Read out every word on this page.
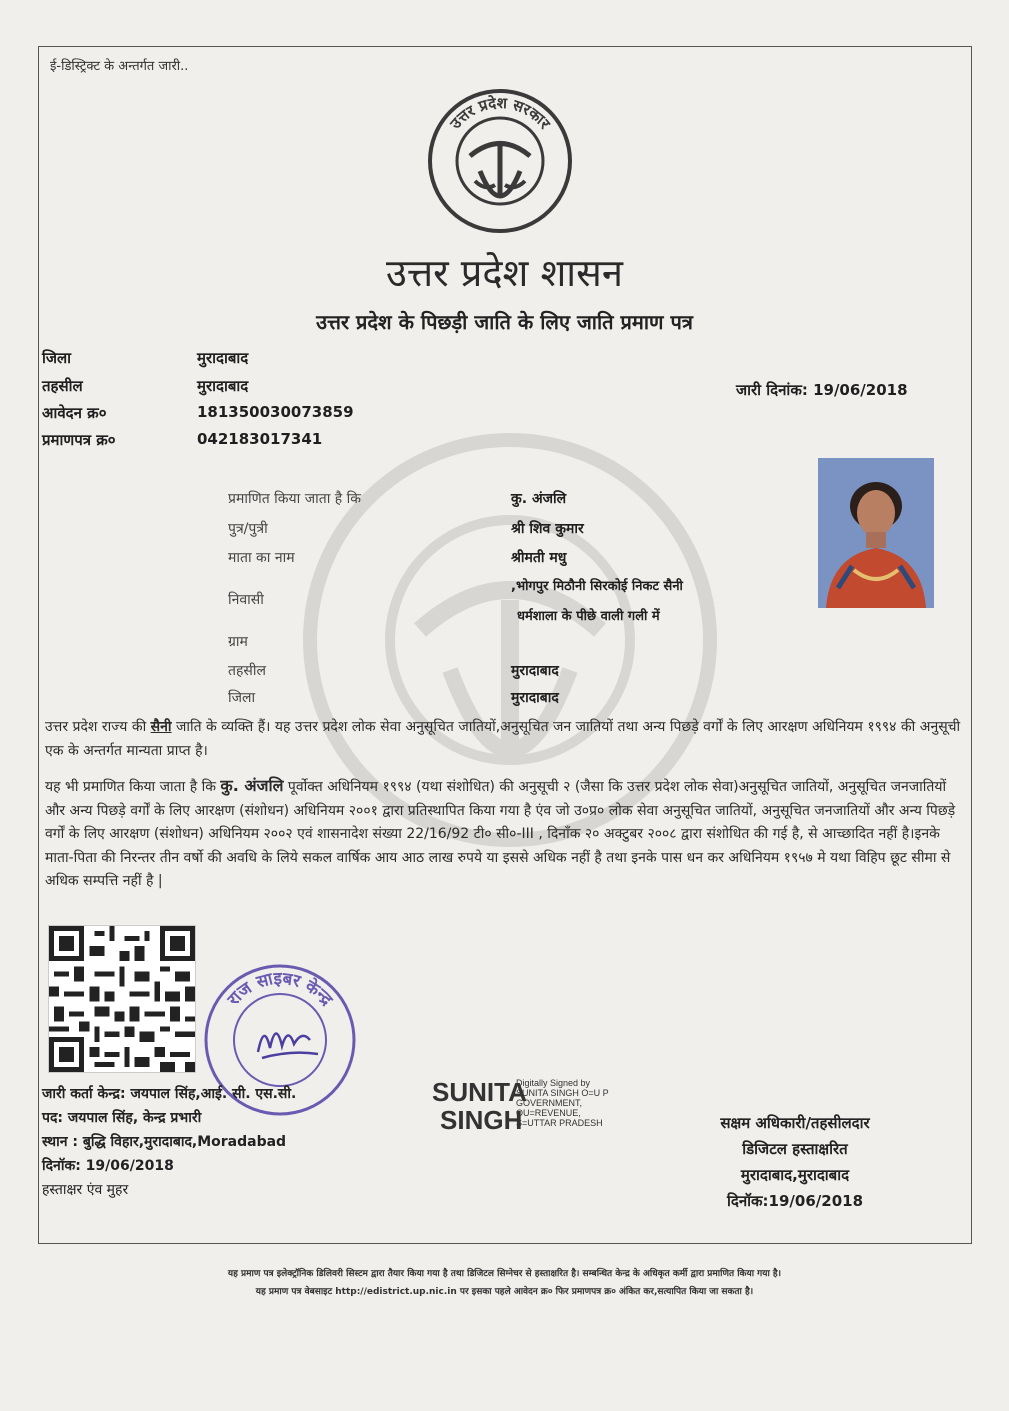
ई-डिस्ट्रिक्ट के अन्तर्गत जारी..
उत्तर प्रदेश सरकार
उत्तर प्रदेश शासन
उत्तर प्रदेश के पिछड़ी जाति के लिए जाति प्रमाण पत्र
जिला	मुरादाबाद
तहसील	मुरादाबाद
आवेदन क्र०	181350030073859
प्रमाणपत्र क्र०	042183017341
जारी दिनांक: 19/06/2018
प्रमाणित किया जाता है कि	कु. अंजलि
पुत्र/पुत्री	श्री शिव कुमार
माता का नाम	श्रीमती मधु
निवासी
,भोगपुर मिठौनी सिरकोई निकट सैनी
धर्मशाला के पीछे वाली गली में
ग्राम
तहसील	मुरादाबाद
जिला	मुरादाबाद
उत्तर प्रदेश राज्य की सैनी जाति के व्यक्ति हैं। यह उत्तर प्रदेश लोक सेवा अनुसूचित जातियों,अनुसूचित जन जातियों तथा अन्य पिछड़े वर्गों के लिए आरक्षण अधिनियम १९९४ की अनुसूची एक के अन्तर्गत मान्यता प्राप्त है।
यह भी प्रमाणित किया जाता है कि कु. अंजलि पूर्वोक्त अधिनियम १९९४ (यथा संशोधित) की अनुसूची २ (जैसा कि उत्तर प्रदेश लोक सेवा)अनुसूचित जातियों, अनुसूचित जनजातियों और अन्य पिछड़े वर्गों के लिए आरक्षण (संशोधन) अधिनियम २००१ द्वारा प्रतिस्थापित किया गया है एंव जो उ०प्र० लोक सेवा अनुसूचित जातियों, अनुसूचित जनजातियों और अन्य पिछड़े वर्गों के लिए आरक्षण (संशोधन) अधिनियम २००२ एवं शासनादेश संख्या 22/16/92 टी० सी०-III , दिनाँक २० अक्टुबर २००८ द्वारा संशोधित की गई है, से आच्छादित नहीं है।इनके माता-पिता की निरन्तर तीन वर्षो की अवधि के लिये सकल वार्षिक आय आठ लाख रुपये या इससे अधिक नहीं है तथा इनके पास धन कर अधिनियम १९५७ मे यथा विहिप छूट सीमा से अधिक सम्पत्ति नहीं है |
राज साइबर केन्द्र
जारी कर्ता केन्द्र: जयपाल सिंह,आई. सी. एस.सी.
पद: जयपाल सिंह, केन्द्र प्रभारी
स्थान : बुद्धि विहार,मुरादाबाद,Moradabad
दिनॉक: 19/06/2018
हस्ताक्षर एंव मुहर
SUNITA
SINGH
Digitally Signed by
SUNITA SINGH O=U P
GOVERNMENT,
OU=REVENUE,
S=UTTAR PRADESH	सक्षम अधिकारी/तहसीलदार
डिजिटल हस्ताक्षरित
मुरादाबाद,मुरादाबाद
दिनॉक:19/06/2018
यह प्रमाण पत्र इलेक्ट्रॉनिक डिलिवरी सिस्टम द्वारा तैयार किया गया है तथा डिजिटल सिग्नेचर से हस्ताक्षरित है। सम्बन्धित केन्द्र के अधिकृत कर्मी द्वारा प्रमाणित किया गया है।
यह प्रमाण पत्र वेबसाइट http://edistrict.up.nic.in पर इसका पहले आवेदन क्र० फिर प्रमाणपत्र क्र० अंकित कर,सत्यापित किया जा सकता है।
